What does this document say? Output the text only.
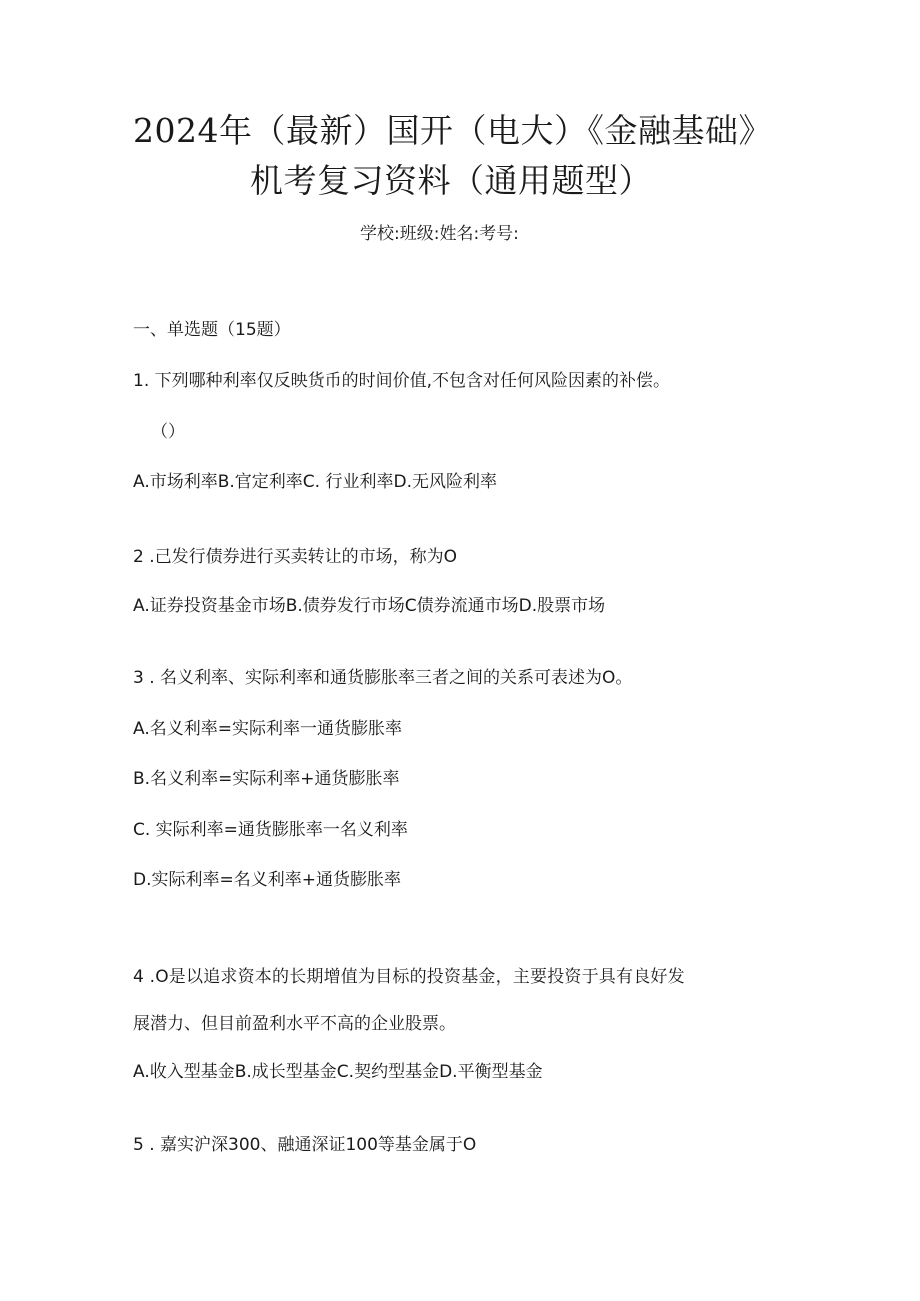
2024年（最新）国开（电大）《金融基础》
机考复习资料（通用题型）
学校:班级:姓名:考号:
一、单选题（15题）
1. 下列哪种利率仅反映货币的时间价值,不包含对任何风险因素的补偿。
（）
A.市场利率B.官定利率C. 行业利率D.无风险利率
2 .己发行债券进行买卖转让的市场，称为O
A.证券投资基金市场B.债券发行市场C债券流通市场D.股票市场
3 . 名义利率、实际利率和通货膨胀率三者之间的关系可表述为O。
A.名义利率=实际利率一通货膨胀率
B.名义利率=实际利率+通货膨胀率
C. 实际利率=通货膨胀率一名义利率
D.实际利率=名义利率+通货膨胀率
4 .O是以追求资本的长期增值为目标的投资基金，主要投资于具有良好发
展潜力、但目前盈利水平不高的企业股票。
A.收入型基金B.成长型基金C.契约型基金D.平衡型基金
5 . 嘉实沪深300、融通深证100等基金属于O
